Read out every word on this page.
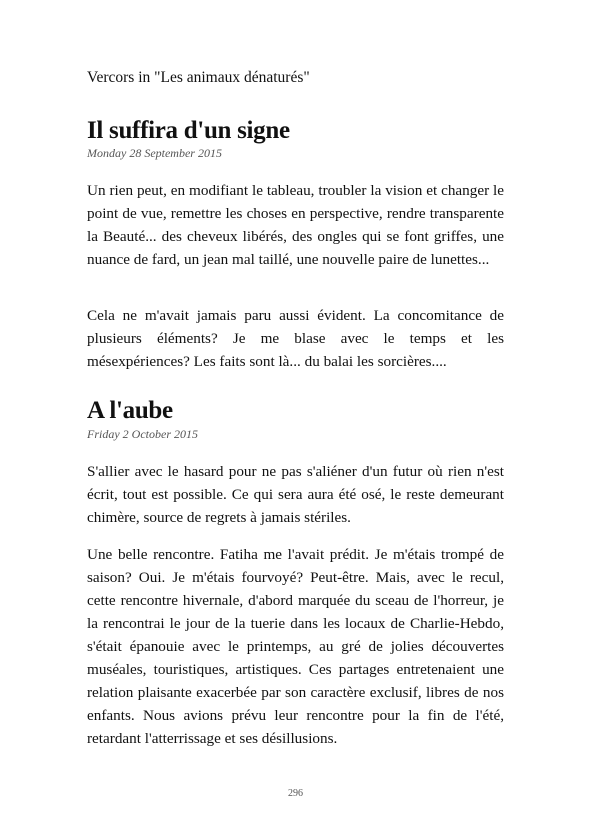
Vercors in "Les animaux dénaturés"
Il suffira d'un signe
Monday 28 September 2015

Un rien peut, en modifiant le tableau, troubler la vision et changer le point de vue, remettre les choses en perspective, rendre transparente la Beauté... des cheveux libérés, des ongles qui se font griffes, une nuance de fard, un jean mal taillé, une nouvelle paire de lunettes...

Cela ne m'avait jamais paru aussi évident. La concomitance de plusieurs éléments? Je me blase avec le temps et les mésexpériences? Les faits sont là... du balai les sorcières....

A l'aube
Friday 2 October 2015

S'allier avec le hasard pour ne pas s'aliéner d'un futur où rien n'est écrit, tout est possible. Ce qui sera aura été osé, le reste demeurant chimère, source de regrets à jamais stériles.

Une belle rencontre. Fatiha me l'avait prédit. Je m'étais trompé de saison? Oui. Je m'étais fourvoyé? Peut-être. Mais, avec le recul, cette rencontre hivernale, d'abord marquée du sceau de l'horreur, je la rencontrai le jour de la tuerie dans les locaux de Charlie-Hebdo, s'était épanouie avec le printemps, au gré de jolies découvertes muséales, touristiques, artistiques. Ces partages entretenaient une relation plaisante exacerbée par son caractère exclusif, libres de nos enfants. Nous avions prévu leur rencontre pour la fin de l'été, retardant l'atterrissage et ses désillusions.

296
